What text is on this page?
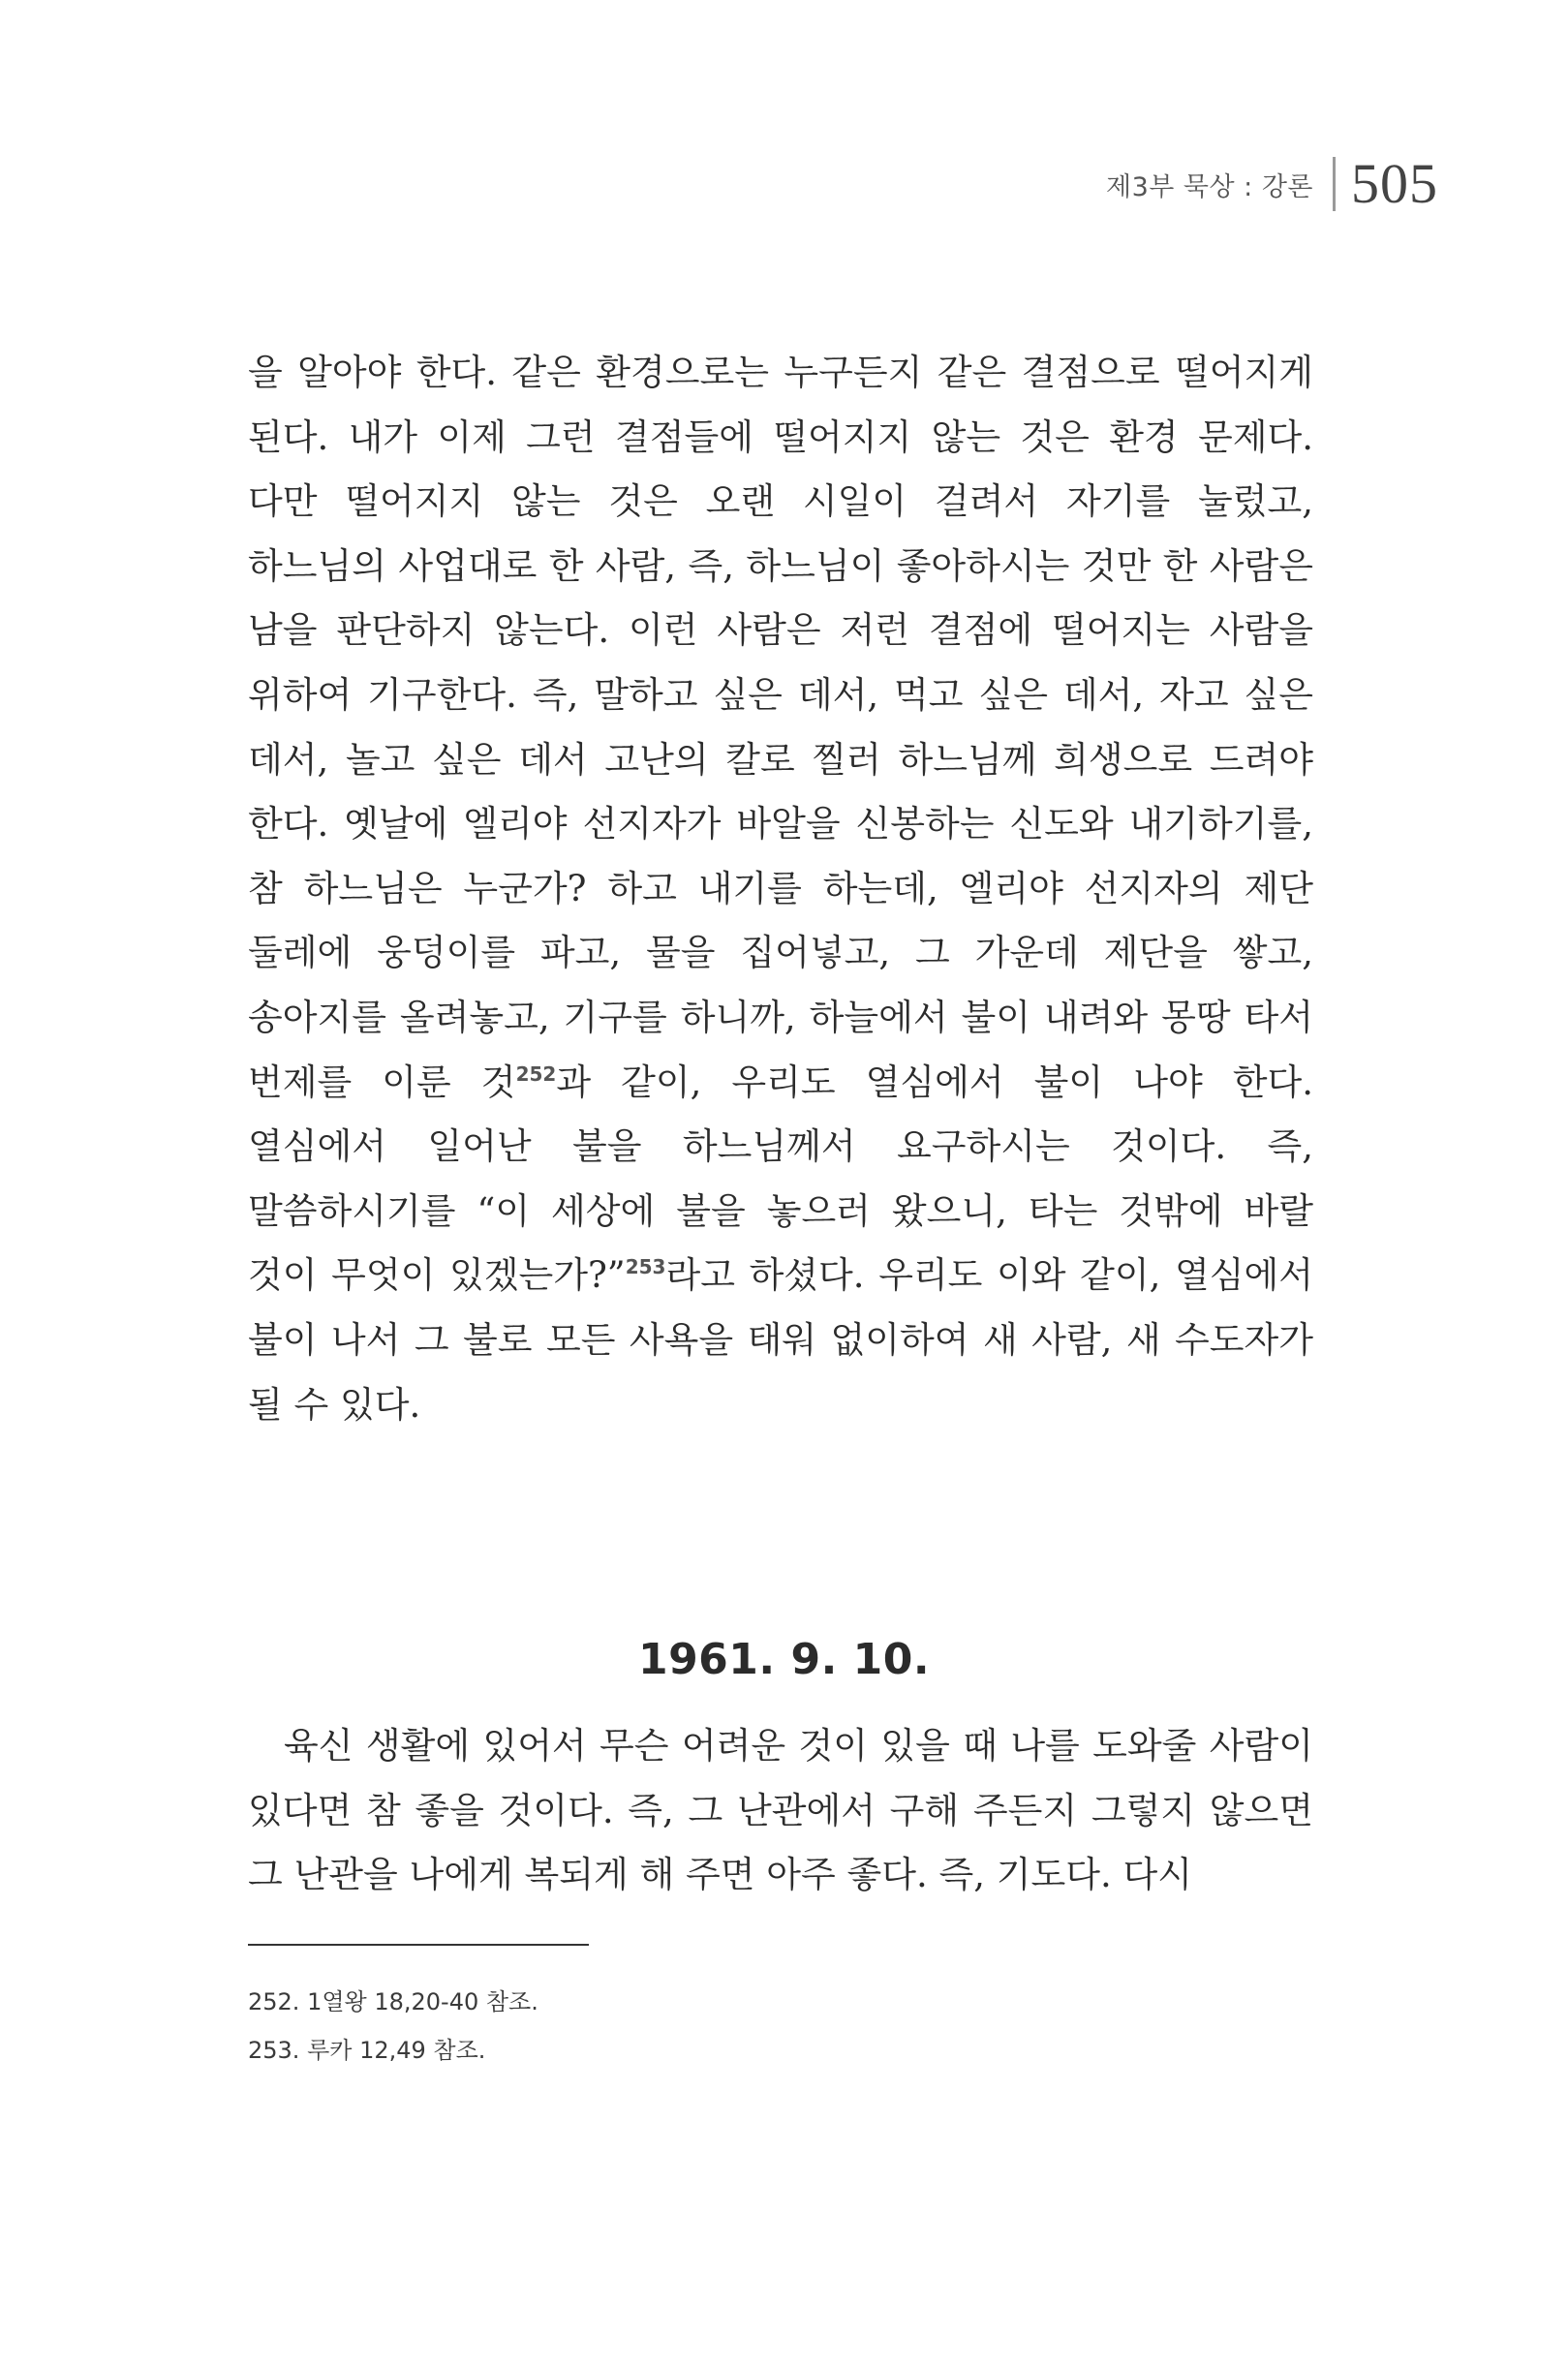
제3부 묵상 : 강론 505

을 알아야 한다. 같은 환경으로는 누구든지 같은 결점으로 떨어지게 된다. 내가 이제 그런 결점들에 떨어지지 않는 것은 환경 문제다. 다만 떨어지지 않는 것은 오랜 시일이 걸려서 자기를 눌렀고, 하느님의 사업대로 한 사람, 즉, 하느님이 좋아하시는 것만 한 사람은 남을 판단하지 않는다. 이런 사람은 저런 결점에 떨어지는 사람을 위하여 기구한다. 즉, 말하고 싶은 데서, 먹고 싶은 데서, 자고 싶은 데서, 놀고 싶은 데서 고난의 칼로 찔러 하느님께 희생으로 드려야 한다. 옛날에 엘리야 선지자가 바알을 신봉하는 신도와 내기하기를, 참 하느님은 누군가? 하고 내기를 하는데, 엘리야 선지자의 제단 둘레에 웅덩이를 파고, 물을 집어넣고, 그 가운데 제단을 쌓고, 송아지를 올려놓고, 기구를 하니까, 하늘에서 불이 내려와 몽땅 타서 번제를 이룬 것$^{252}$과 같이, 우리도 열심에서 불이 나야 한다. 열심에서 일어난 불을 하느님께서 요구하시는 것이다. 즉, 말씀하시기를 “이 세상에 불을 놓으러 왔으니, 타는 것밖에 바랄 것이 무엇이 있겠는가?”$^{253}$라고 하셨다. 우리도 이와 같이, 열심에서 불이 나서 그 불로 모든 사욕을 태워 없이하여 새 사람, 새 수도자가 될 수 있다.

1961. 9. 10.

육신 생활에 있어서 무슨 어려운 것이 있을 때 나를 도와줄 사람이 있다면 참 좋을 것이다. 즉, 그 난관에서 구해 주든지 그렇지 않으면 그 난관을 나에게 복되게 해 주면 아주 좋다. 즉, 기도다. 다시

252. 1열왕 18,20-40 참조.
253. 루카 12,49 참조.
